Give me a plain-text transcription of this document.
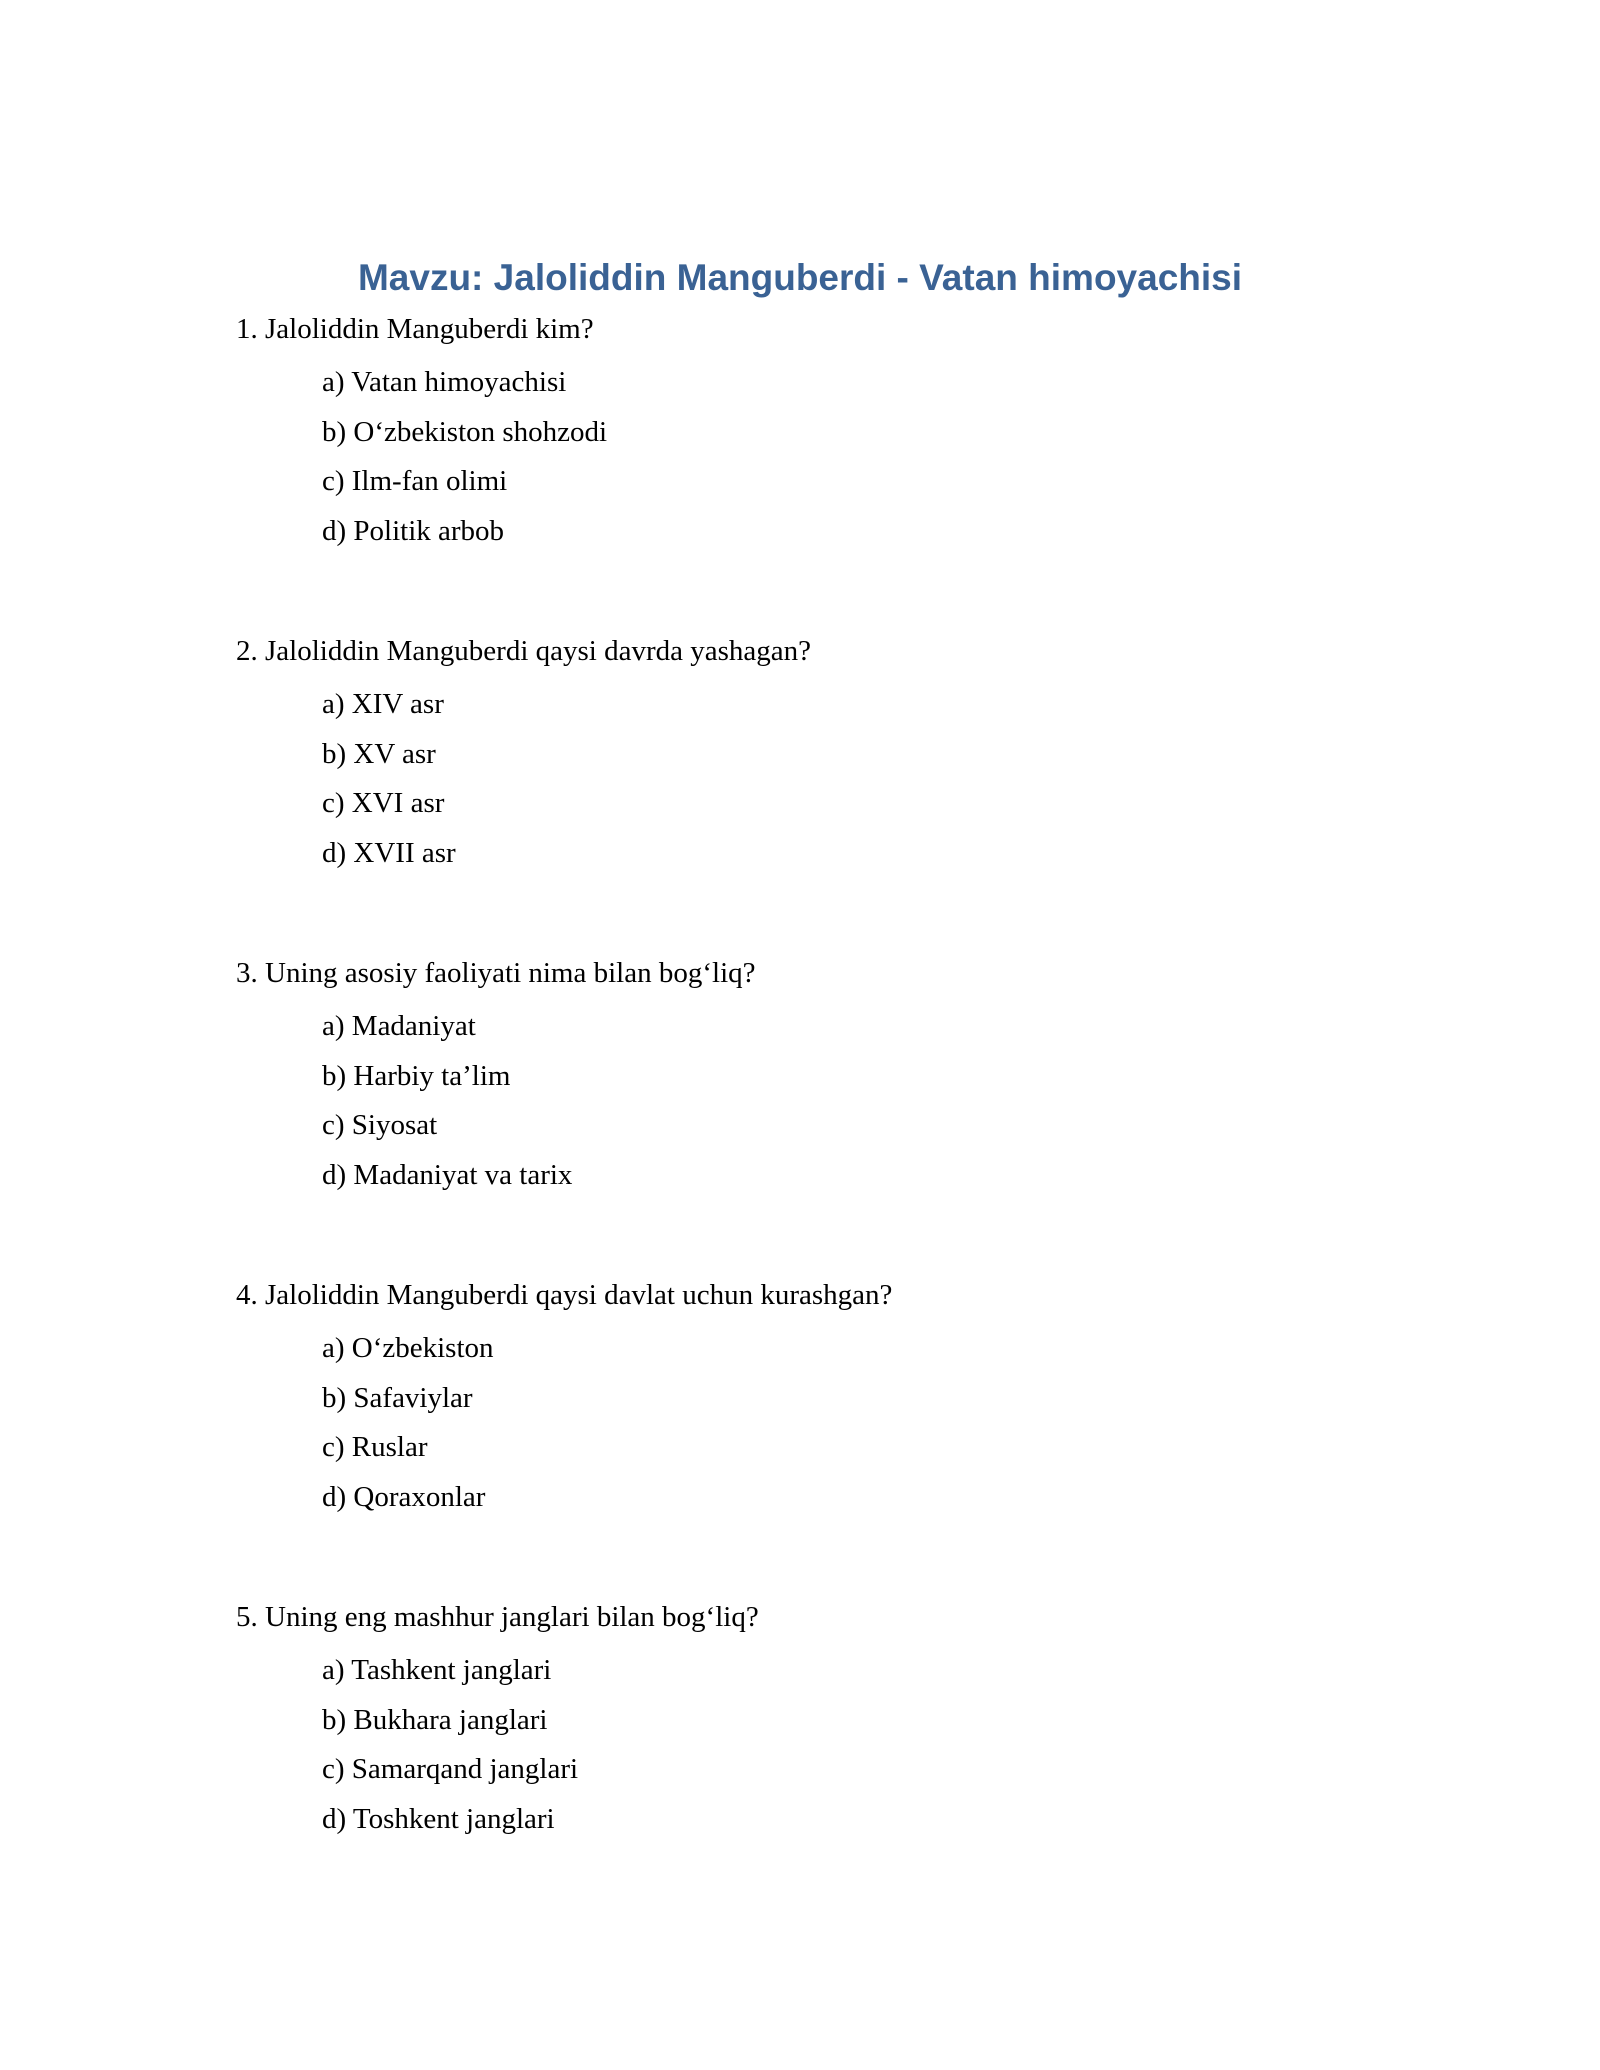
Mavzu: Jaloliddin Manguberdi - Vatan himoyachisi

1. Jaloliddin Manguberdi kim?

a) Vatan himoyachisi
b) O‘zbekiston shohzodi
c) Ilm-fan olimi
d) Politik arbob

2. Jaloliddin Manguberdi qaysi davrda yashagan?

a) XIV asr
b) XV asr
c) XVI asr
d) XVII asr

3. Uning asosiy faoliyati nima bilan bog‘liq?

a) Madaniyat
b) Harbiy ta’lim
c) Siyosat
d) Madaniyat va tarix

4. Jaloliddin Manguberdi qaysi davlat uchun kurashgan?

a) O‘zbekiston
b) Safaviylar
c) Ruslar
d) Qoraxonlar

5. Uning eng mashhur janglari bilan bog‘liq?

a) Tashkent janglari
b) Bukhara janglari
c) Samarqand janglari
d) Toshkent janglari
